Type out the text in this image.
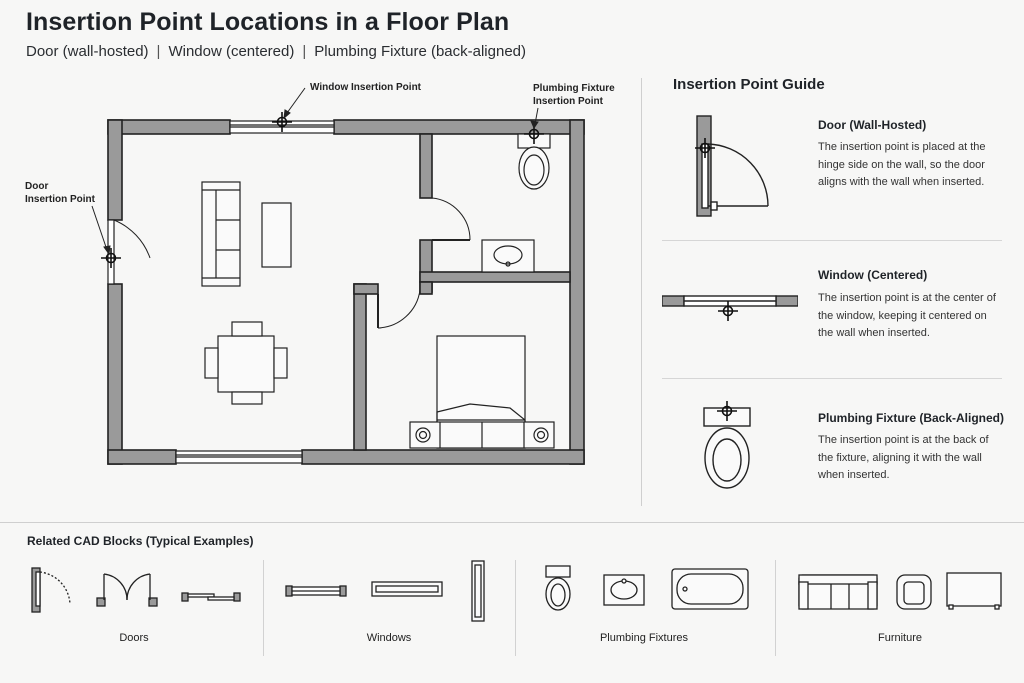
Insertion Point Locations in a Floor Plan
Door (wall-hosted) | Window (centered) | Plumbing Fixture (back-aligned)
Window Insertion Point	Plumbing Fixture
Insertion Point
Door
Insertion Point
Insertion Point Guide
Door (Wall-Hosted)
The insertion point is placed at the hinge side on the wall, so the door aligns with the wall when inserted.
Window (Centered)
The insertion point is at the center of the window, keeping it centered on the wall when inserted.
Plumbing Fixture (Back-Aligned)
The insertion point is at the back of the fixture, aligning it with the wall when inserted.
Related CAD Blocks (Typical Examples)
Doors	Windows	Plumbing Fixtures	Furniture
